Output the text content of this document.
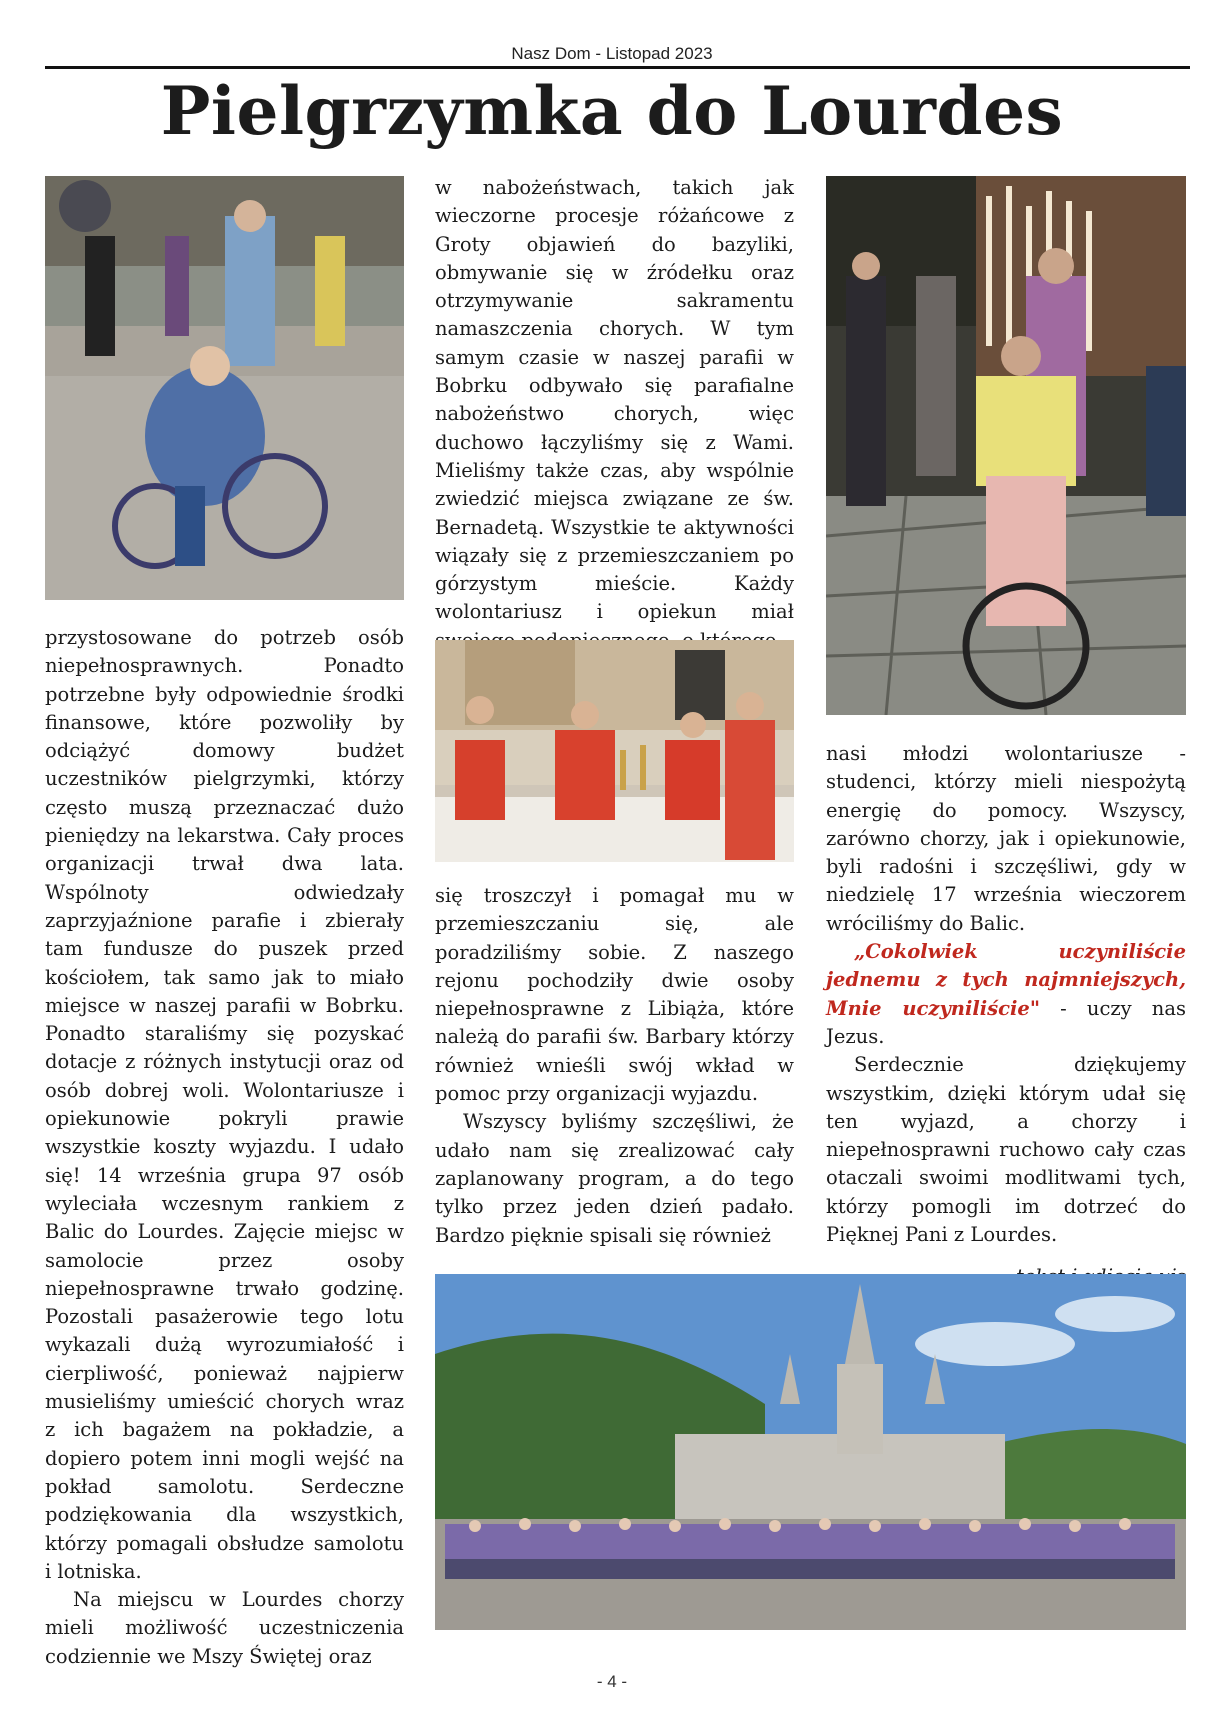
Nasz Dom - Listopad 2023
Pielgrzymka do Lourdes

przystosowane do potrzeb osób niepełnosprawnych. Ponadto potrzebne były odpowiednie środki finansowe, które pozwoliły by odciążyć domowy budżet uczestników pielgrzymki, którzy często muszą przeznaczać dużo pieniędzy na lekarstwa. Cały proces organizacji trwał dwa lata. Wspólnoty odwiedzały zaprzyjaźnione parafie i zbierały tam fundusze do puszek przed kościołem, tak samo jak to miało miejsce w naszej parafii w Bobrku. Ponadto staraliśmy się pozyskać dotacje z różnych instytucji oraz od osób dobrej woli. Wolontariusze i opiekunowie pokryli prawie wszystkie koszty wyjazdu. I udało się! 14 września grupa 97 osób wyleciała wczesnym rankiem z Balic do Lourdes. Zajęcie miejsc w samolocie przez osoby niepełnosprawne trwało godzinę. Pozostali pasażerowie tego lotu wykazali dużą wyrozumiałość i cierpliwość, ponieważ najpierw musieliśmy umieścić chorych wraz z ich bagażem na pokładzie, a dopiero potem inni mogli wejść na pokład samolotu. Serdeczne podziękowania dla wszystkich, którzy pomagali obsłudze samolotu i lotniska.

Na miejscu w Lourdes chorzy mieli możliwość uczestniczenia codziennie we Mszy Świętej oraz

w nabożeństwach, takich jak wieczorne procesje różańcowe z Groty objawień do bazyliki, obmywanie się w źródełku oraz otrzymywanie sakramentu namaszczenia chorych. W tym samym czasie w naszej parafii w Bobrku odbywało się parafialne nabożeństwo chorych, więc duchowo łączyliśmy się z Wami. Mieliśmy także czas, aby wspólnie zwiedzić miejsca związane ze św. Bernadetą. Wszystkie te aktywności wiązały się z przemieszczaniem po górzystym mieście. Każdy wolontariusz i opiekun miał

się troszczył i pomagał mu w przemieszczaniu się, ale poradziliśmy sobie. Z naszego rejonu pochodziły dwie osoby niepełnosprawne z Libiąża, które należą do parafii św. Barbary którzy również wnieśli swój wkład w pomoc przy organizacji wyjazdu.

Wszyscy byliśmy szczęśliwi, że udało nam się zrealizować cały zaplanowany program, a do tego tylko przez jeden dzień padało. Bardzo pięknie spisali się również

nasi młodzi wolontariusze - studenci, którzy mieli niespożytą energię do pomocy. Wszyscy, zarówno chorzy, jak i opiekunowie, byli radośni i szczęśliwi, gdy w niedzielę 17 września wieczorem wróciliśmy do Balic.

„Cokolwiek uczyniliście jednemu z tych najmniejszych, Mnie uczyniliście" - uczy nas Jezus.

Serdecznie dziękujemy wszystkim, dzięki którym udał się ten wyjazd, a chorzy i niepełnosprawni ruchowo cały czas otaczali swoimi modlitwami tych, którzy pomogli im dotrzeć do Pięknej Pani z Lourdes.

- 4 -
